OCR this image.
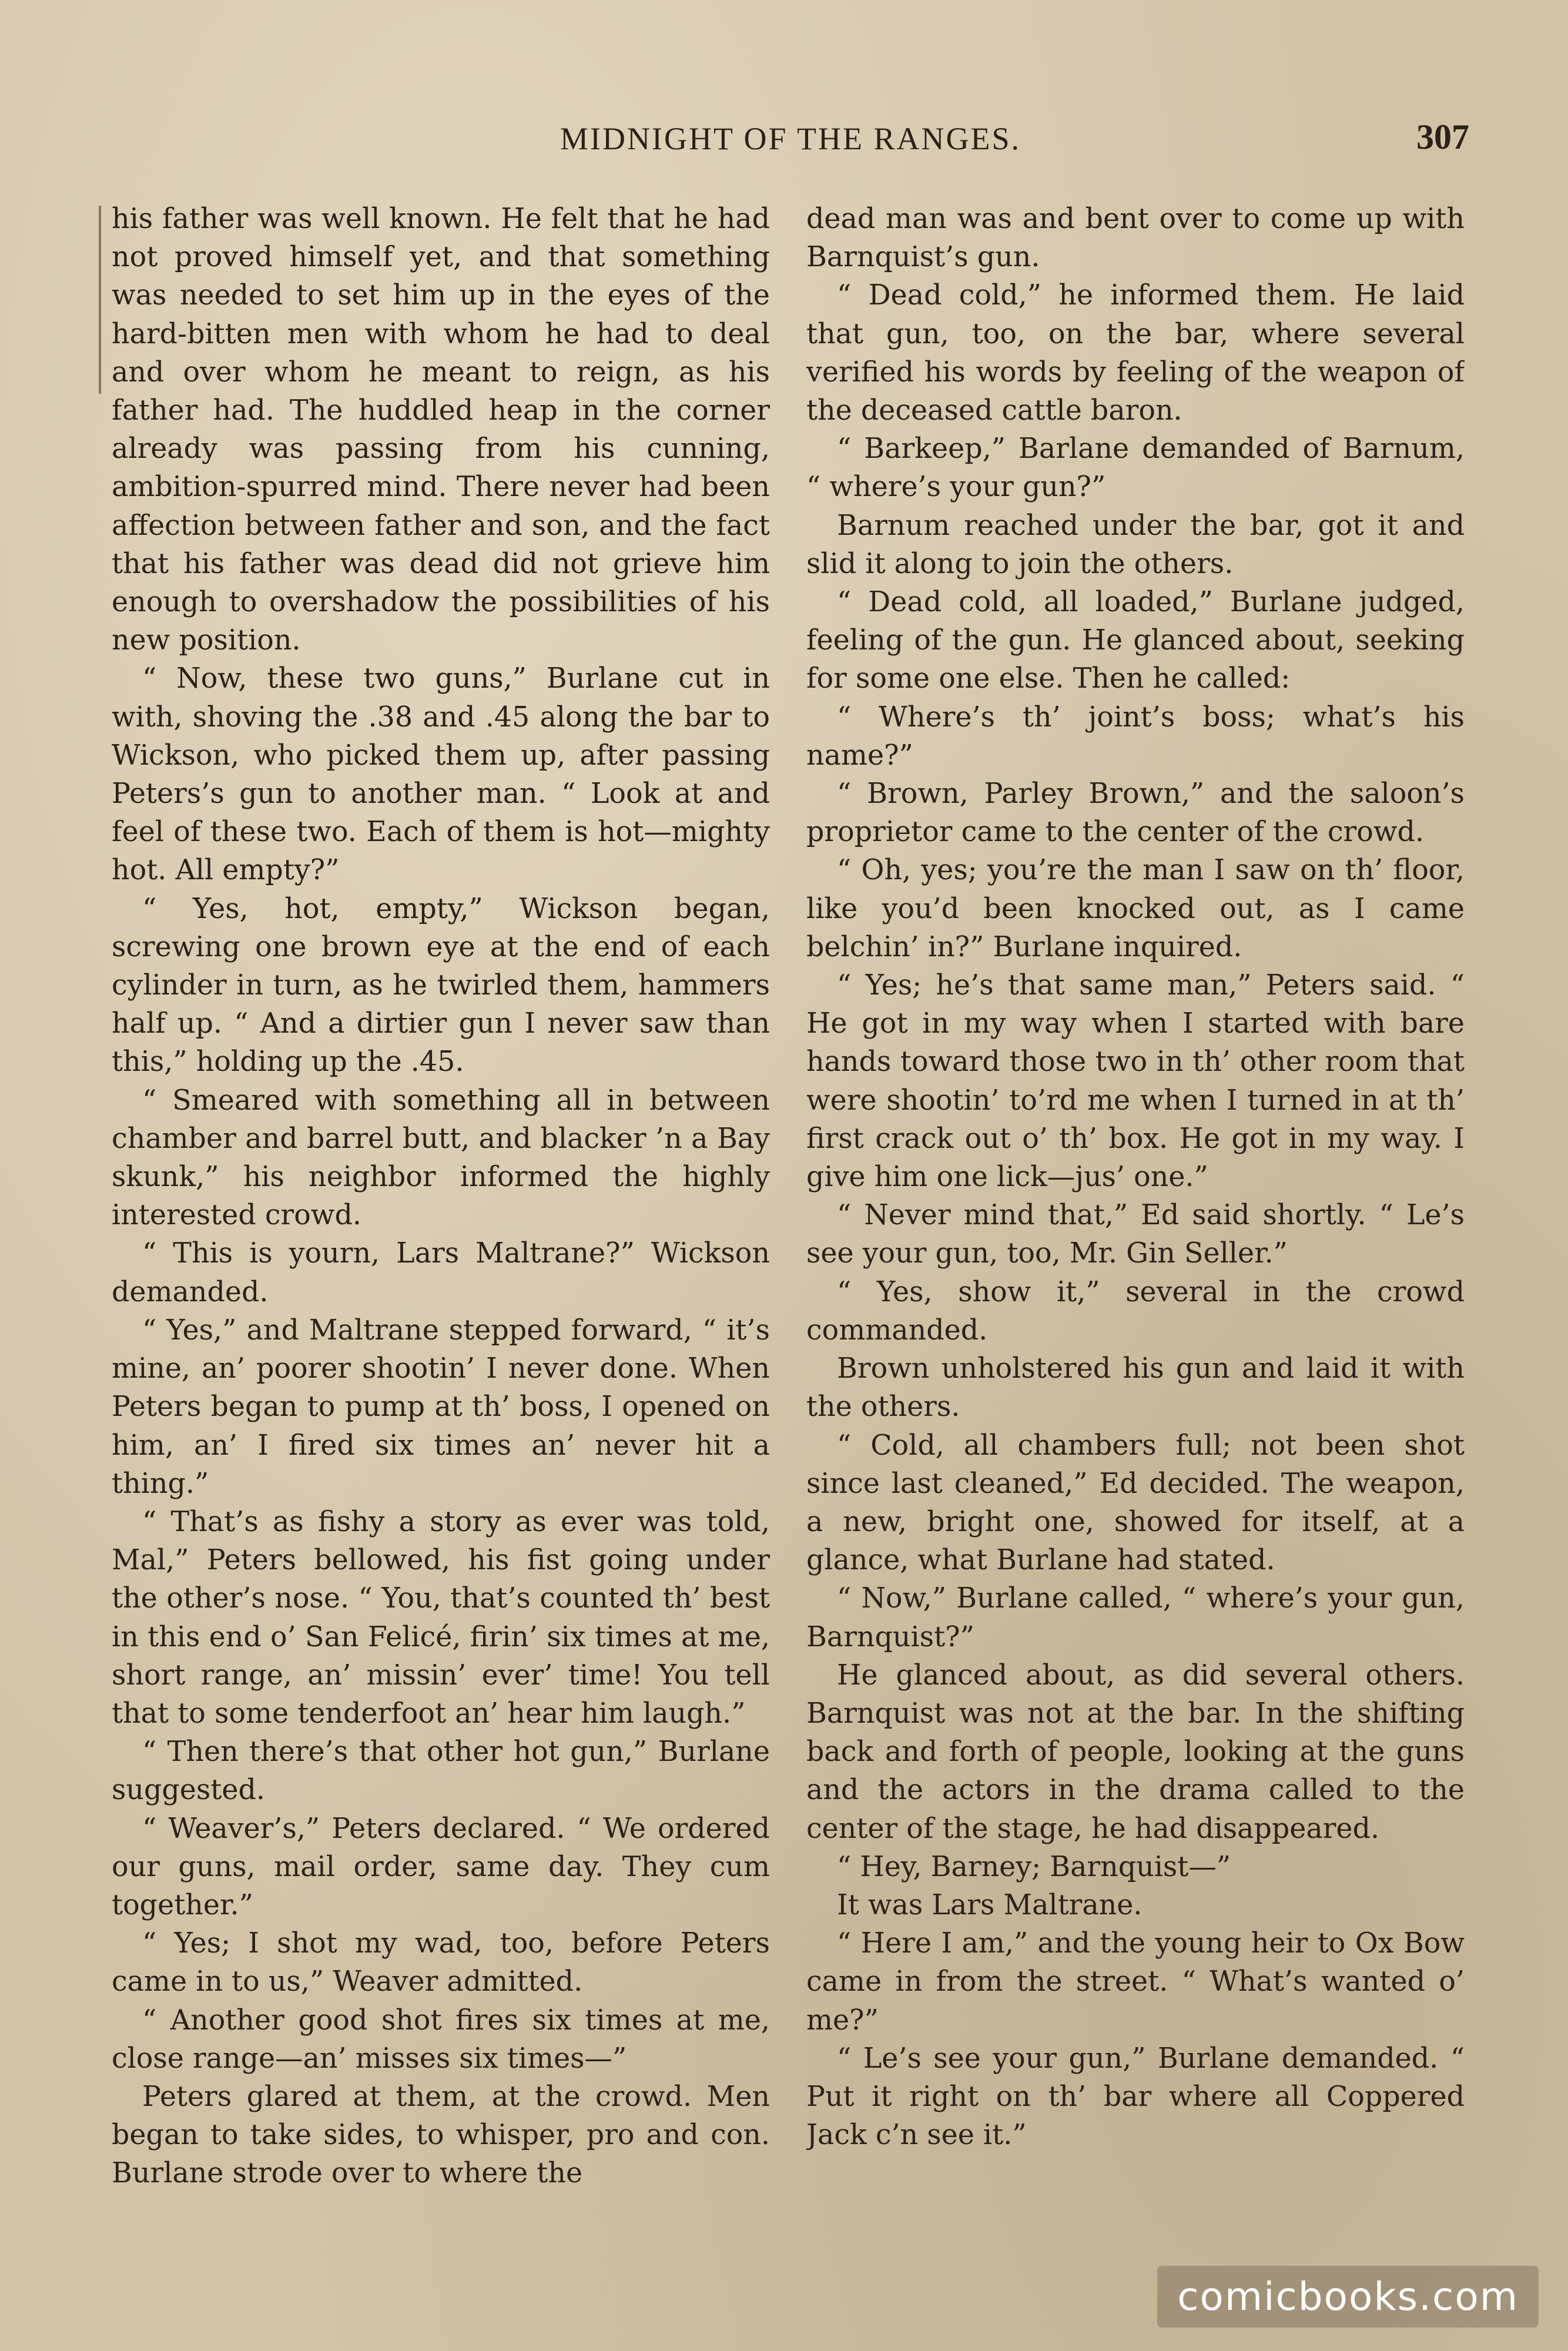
MIDNIGHT OF THE RANGES.	307

his father was well known. He felt that he had not proved himself yet, and that something was needed to set him up in the eyes of the hard-bitten men with whom he had to deal and over whom he meant to reign, as his father had. The huddled heap in the corner already was passing from his cunning, ambition-spurred mind. There never had been affection between father and son, and the fact that his father was dead did not grieve him enough to overshadow the possibilities of his new position.

“ Now, these two guns,” Burlane cut in with, shoving the .38 and .45 along the bar to Wickson, who picked them up, after passing Peters’s gun to another man. “ Look at and feel of these two. Each of them is hot—mighty hot. All empty?”

“ Yes, hot, empty,” Wickson began, screwing one brown eye at the end of each cylinder in turn, as he twirled them, hammers half up. “ And a dirtier gun I never saw than this,” holding up the .45.

“ Smeared with something all in between chamber and barrel butt, and blacker ’n a Bay skunk,” his neighbor informed the highly interested crowd.

“ This is yourn, Lars Maltrane?” Wickson demanded.

“ Yes,” and Maltrane stepped forward, “ it’s mine, an’ poorer shootin’ I never done. When Peters began to pump at th’ boss, I opened on him, an’ I fired six times an’ never hit a thing.”

“ That’s as fishy a story as ever was told, Mal,” Peters bellowed, his fist going under the other’s nose. “ You, that’s counted th’ best in this end o’ San Felicé, firin’ six times at me, short range, an’ missin’ ever’ time! You tell that to some tenderfoot an’ hear him laugh.”

“ Then there’s that other hot gun,” Burlane suggested.

“ Weaver’s,” Peters declared. “ We ordered our guns, mail order, same day. They cum together.”

“ Yes; I shot my wad, too, before Peters came in to us,” Weaver admitted.

“ Another good shot fires six times at me, close range—an’ misses six times—”

Peters glared at them, at the crowd. Men began to take sides, to whisper, pro and con. Burlane strode over to where the

dead man was and bent over to come up with Barnquist’s gun.

“ Dead cold,” he informed them. He laid that gun, too, on the bar, where several verified his words by feeling of the weapon of the deceased cattle baron.

“ Barkeep,” Barlane demanded of Barnum, “ where’s your gun?”

Barnum reached under the bar, got it and slid it along to join the others.

“ Dead cold, all loaded,” Burlane judged, feeling of the gun. He glanced about, seeking for some one else. Then he called:

“ Where’s th’ joint’s boss; what’s his name?”

“ Brown, Parley Brown,” and the saloon’s proprietor came to the center of the crowd.

“ Oh, yes; you’re the man I saw on th’ floor, like you’d been knocked out, as I came belchin’ in?” Burlane inquired.

“ Yes; he’s that same man,” Peters said. “ He got in my way when I started with bare hands toward those two in th’ other room that were shootin’ to’rd me when I turned in at th’ first crack out o’ th’ box. He got in my way. I give him one lick—jus’ one.”

“ Never mind that,” Ed said shortly. “ Le’s see your gun, too, Mr. Gin Seller.”

“ Yes, show it,” several in the crowd commanded.

Brown unholstered his gun and laid it with the others.

“ Cold, all chambers full; not been shot since last cleaned,” Ed decided. The weapon, a new, bright one, showed for itself, at a glance, what Burlane had stated.

“ Now,” Burlane called, “ where’s your gun, Barnquist?”

He glanced about, as did several others. Barnquist was not at the bar. In the shifting back and forth of people, looking at the guns and the actors in the drama called to the center of the stage, he had disappeared.

“ Hey, Barney; Barnquist—”

It was Lars Maltrane.

“ Here I am,” and the young heir to Ox Bow came in from the street. “ What’s wanted o’ me?”

“ Le’s see your gun,” Burlane demanded. “ Put it right on th’ bar where all Coppered Jack c’n see it.”

comicbooks.com
